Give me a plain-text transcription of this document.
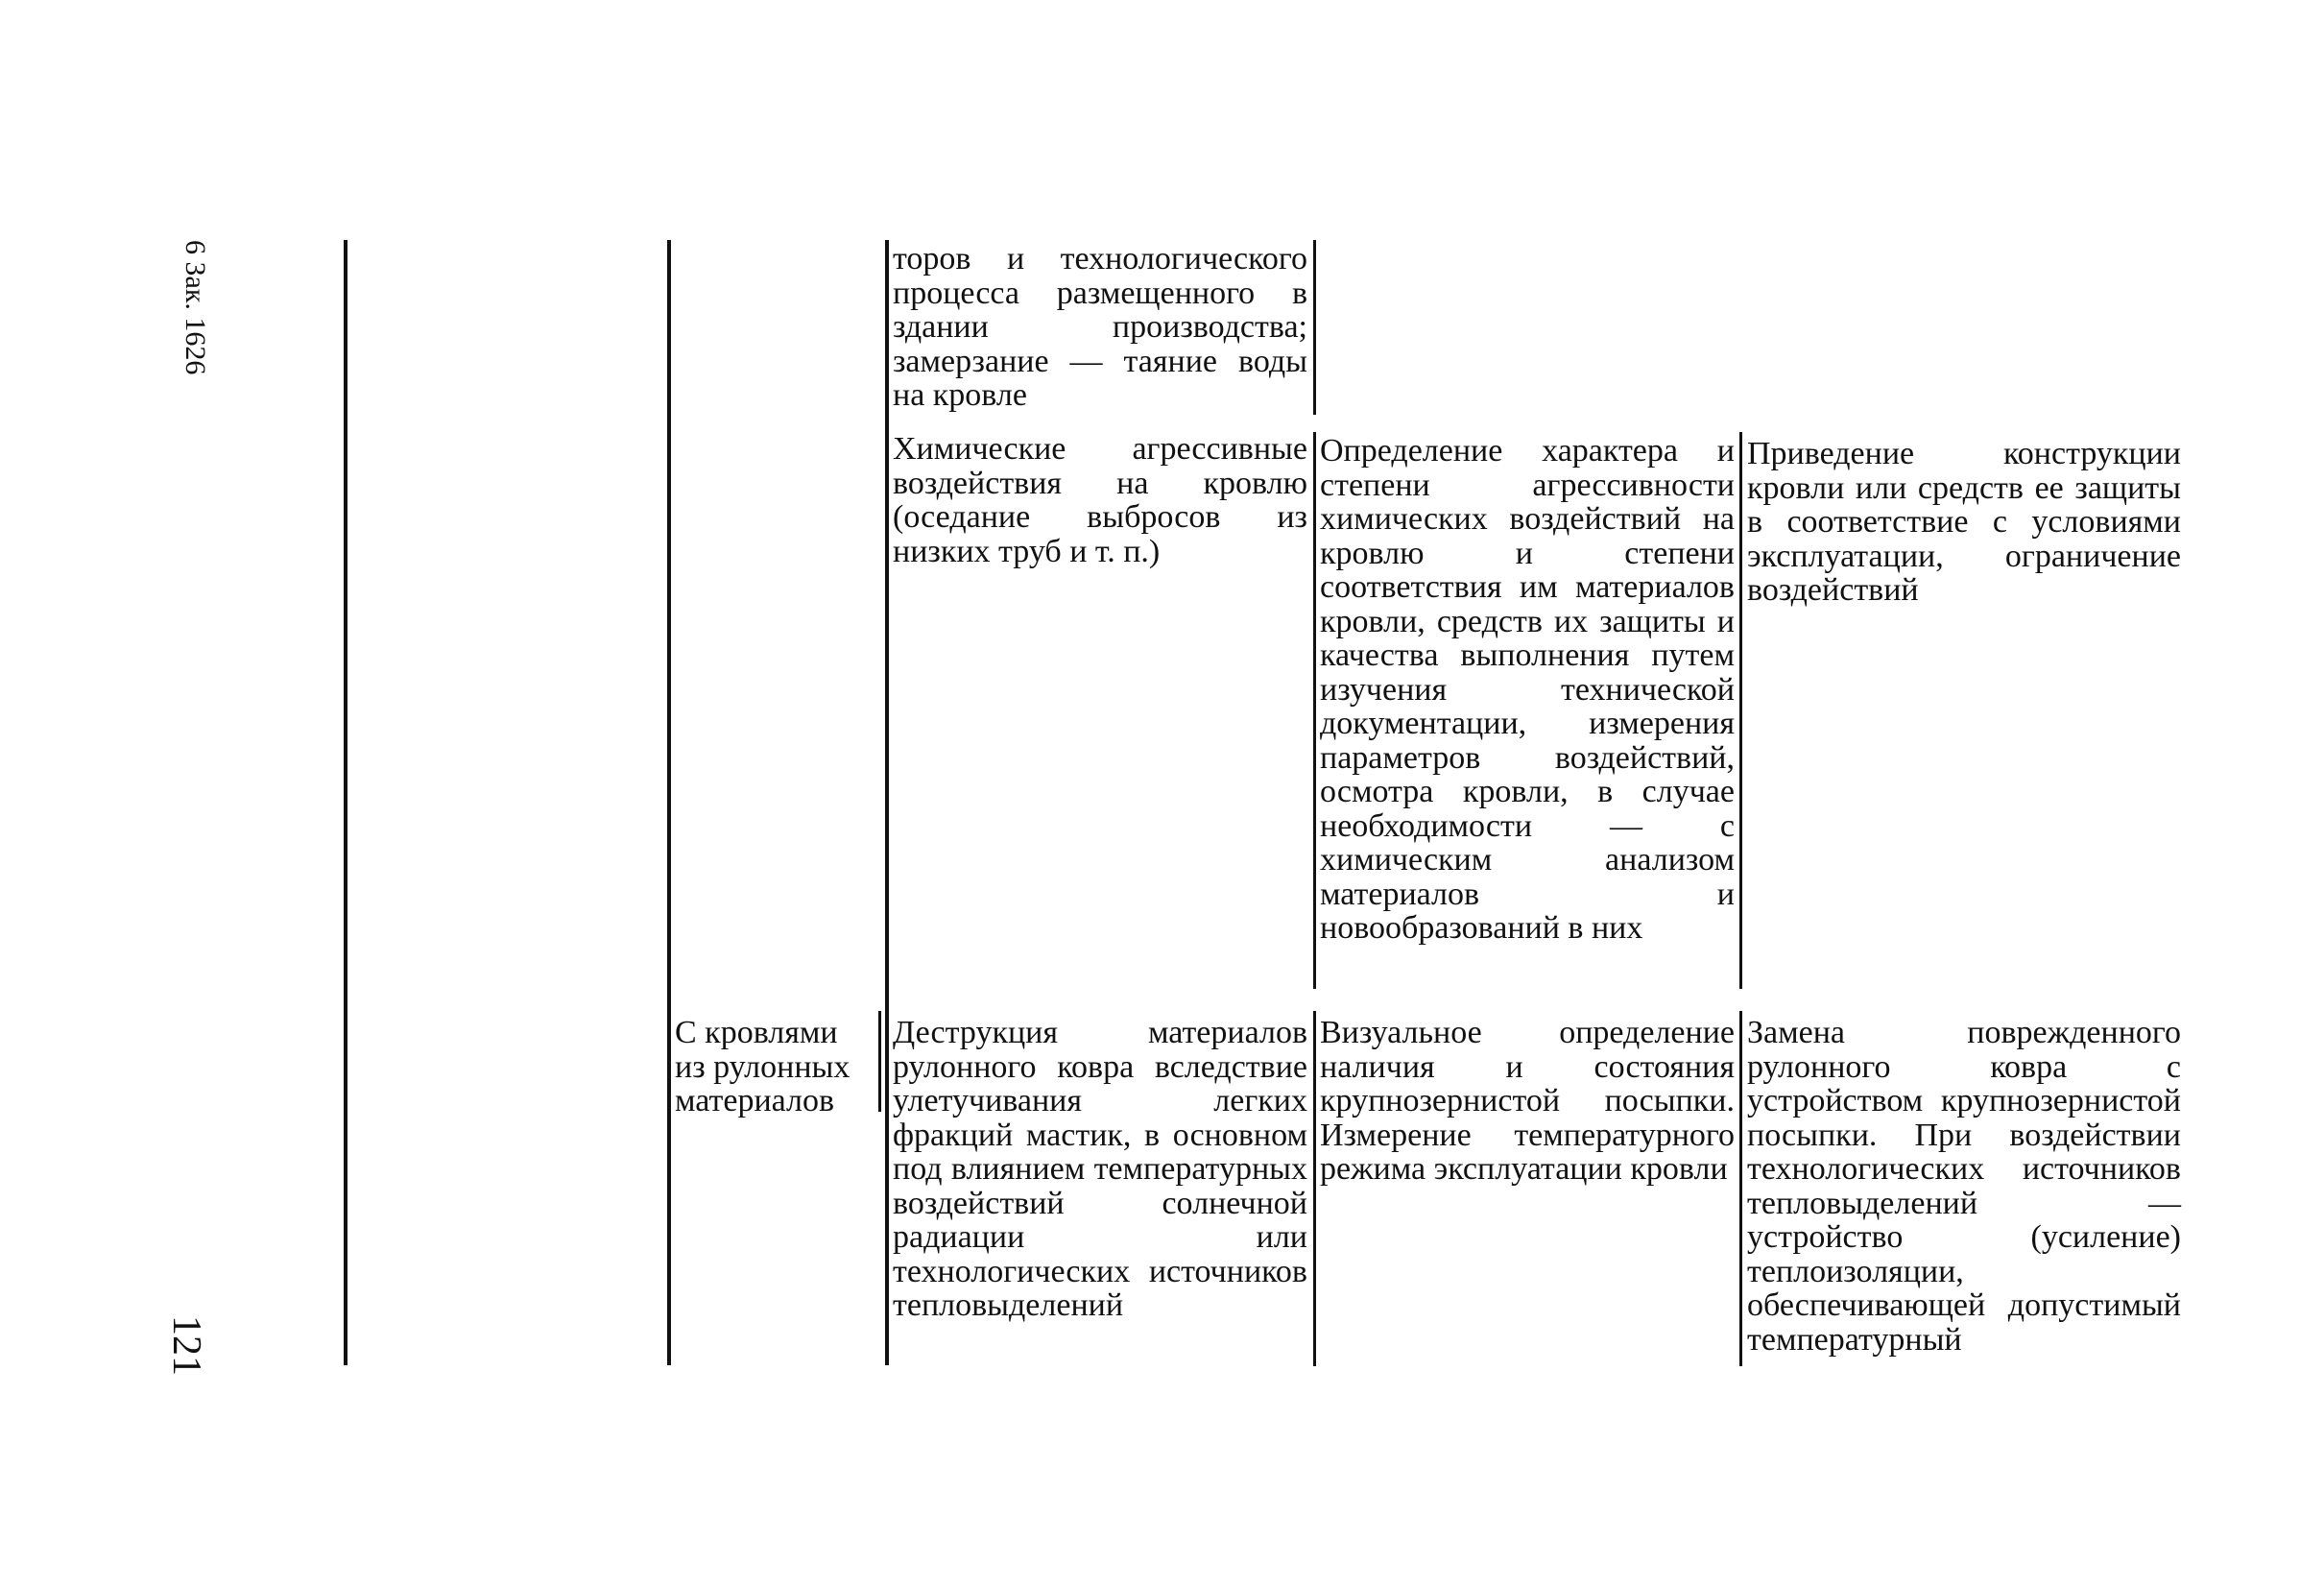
6 Зак. 1626
121
торов и технологического процесса размещенного в здании производства; замерзание — таяние воды на кровле
Химические агрессивные воздействия на кровлю (оседание выбросов из низких труб и т. п.)
Определение характера и степени агрессивности химических воздействий на кровлю и степени соответствия им материалов кровли, средств их защиты и качества выполнения путем изучения технической документации, измерения параметров воздействий, осмотра кровли, в случае необходимости — с химическим анализом материалов и новообразований в них
Приведение конструкции кровли или средств ее защиты в соответствие с условиями эксплуатации, ограничение воздействий
С кровлями из рулонных материалов
Деструкция материалов рулонного ковра вследствие улетучивания легких фракций мастик, в основном под влиянием температурных воздействий солнечной радиации или технологических источников тепловыделений
Визуальное определение наличия и состояния крупнозернистой посыпки. Измерение температурного режима эксплуатации кровли
Замена поврежденного рулонного ковра с устройством крупнозернистой посыпки. При воздействии технологических источников тепловыделений — устройство (усиление) теплоизоляции, обеспечивающей допустимый температурный
